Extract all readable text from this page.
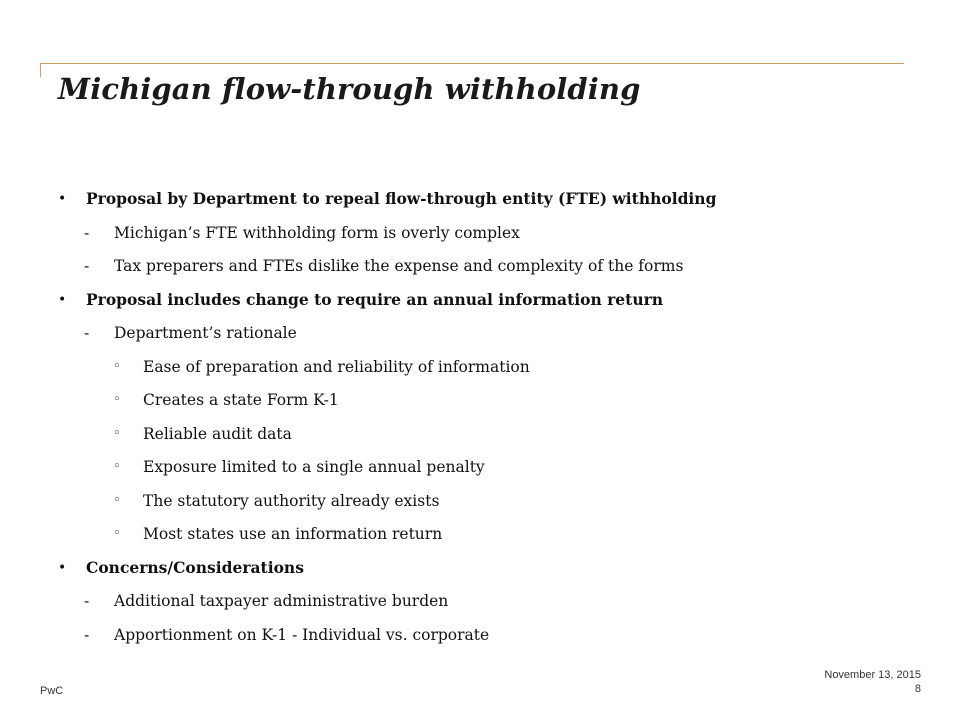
Michigan flow-through withholding
• Proposal by Department to repeal flow-through entity (FTE) withholding
- Michigan’s FTE withholding form is overly complex
- Tax preparers and FTEs dislike the expense and complexity of the forms
• Proposal includes change to require an annual information return
- Department’s rationale
◦ Ease of preparation and reliability of information
◦ Creates a state Form K-1
◦ Reliable audit data
◦ Exposure limited to a single annual penalty
◦ The statutory authority already exists
◦ Most states use an information return
• Concerns/Considerations
- Additional taxpayer administrative burden
- Apportionment on K-1 - Individual vs. corporate
PwC
November 13, 2015
8
